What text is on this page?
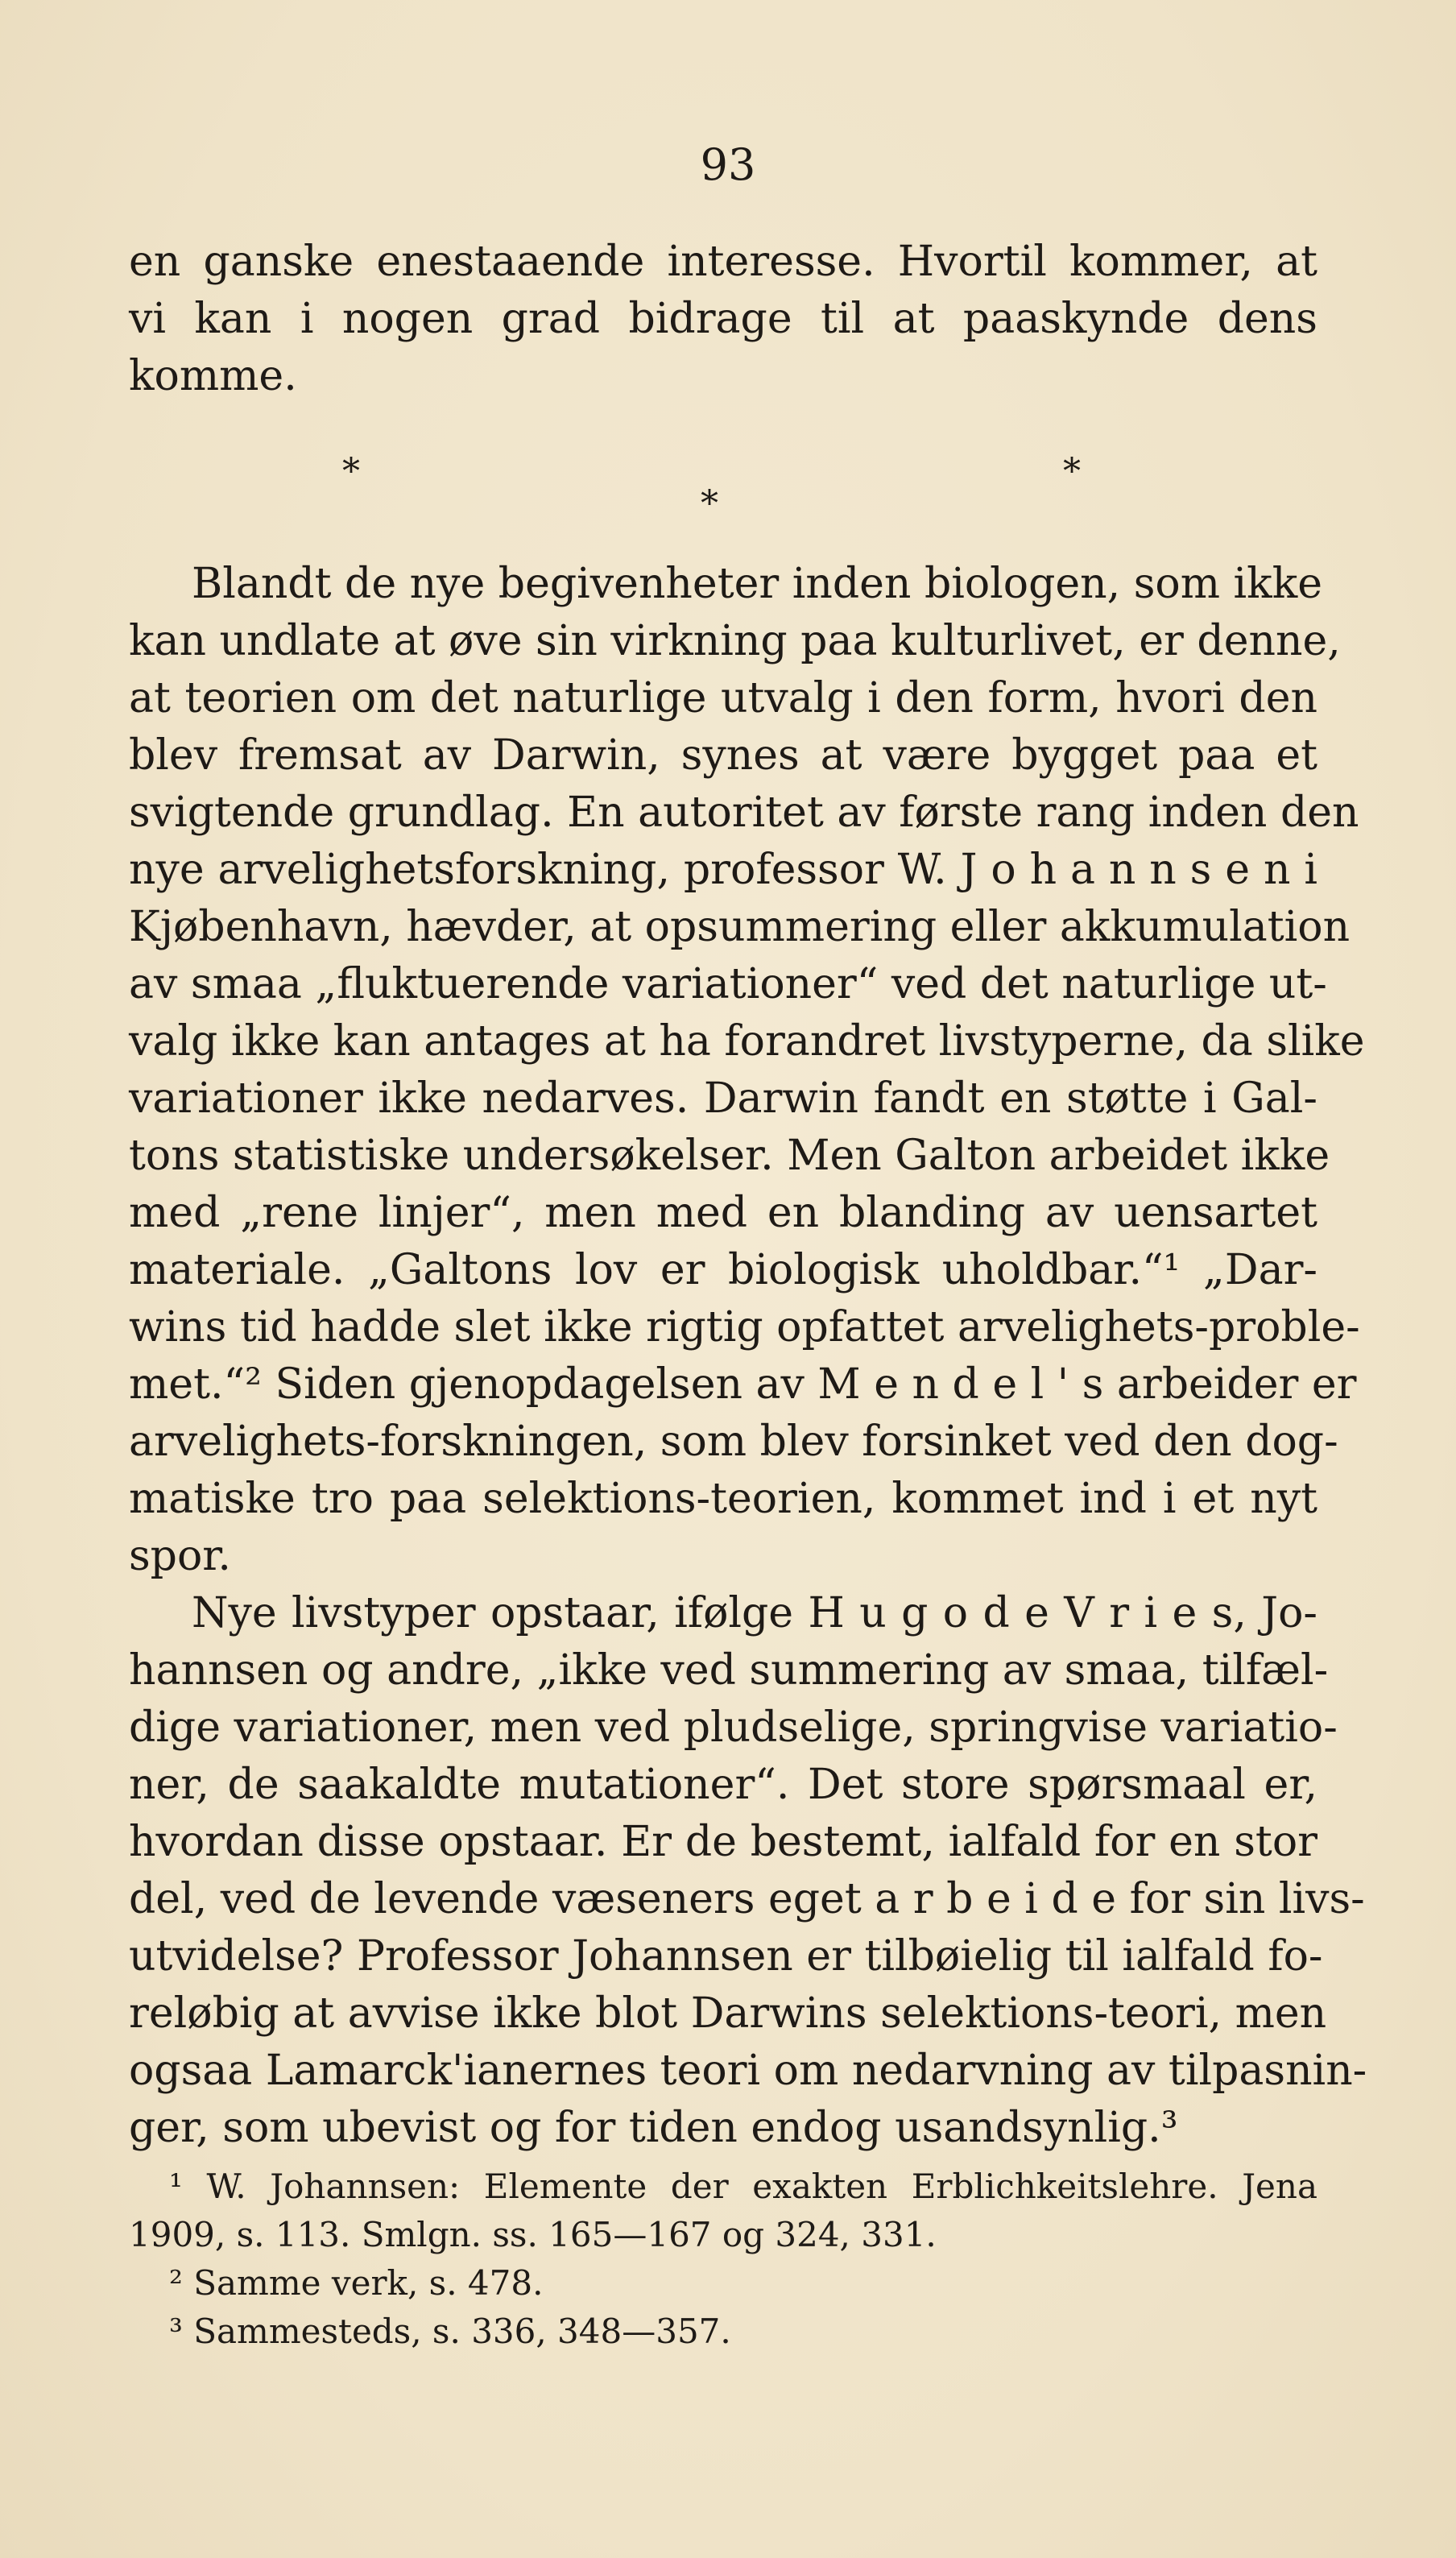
93
en ganske enestaaende interesse. Hvortil kommer, at
vi kan i nogen grad bidrage til at paaskynde dens
komme.
*
*
*
Blandt de nye begivenheter inden biologen, som ikke
kan undlate at øve sin virkning paa kulturlivet, er denne,
at teorien om det naturlige utvalg i den form, hvori den
blev fremsat av Darwin, synes at være bygget paa et
svigtende grundlag. En autoritet av første rang inden den
nye arvelighetsforskning, professor W. J o h a n n s e n i
Kjøbenhavn, hævder, at opsummering eller akkumulation
av smaa „fluktuerende variationer“ ved det naturlige ut-
valg ikke kan antages at ha forandret livstyperne, da slike
variationer ikke nedarves. Darwin fandt en støtte i Gal-
tons statistiske undersøkelser. Men Galton arbeidet ikke
med „rene linjer“, men med en blanding av uensartet
materiale. „Galtons lov er biologisk uholdbar.“¹ „Dar-
wins tid hadde slet ikke rigtig opfattet arvelighets-proble-
met.“² Siden gjenopdagelsen av M e n d e l ' s arbeider er
arvelighets-forskningen, som blev forsinket ved den dog-
matiske tro paa selektions-teorien, kommet ind i et nyt
spor.
Nye livstyper opstaar, ifølge H u g o d e V r i e s, Jo-
hannsen og andre, „ikke ved summering av smaa, tilfæl-
dige variationer, men ved pludselige, springvise variatio-
ner, de saakaldte mutationer“. Det store spørsmaal er,
hvordan disse opstaar. Er de bestemt, ialfald for en stor
del, ved de levende væseners eget a r b e i d e for sin livs-
utvidelse? Professor Johannsen er tilbøielig til ialfald fo-
reløbig at avvise ikke blot Darwins selektions-teori, men
ogsaa Lamarck'ianernes teori om nedarvning av tilpasnin-
ger, som ubevist og for tiden endog usandsynlig.³
¹ W. Johannsen: Elemente der exakten Erblichkeitslehre. Jena
1909, s. 113. Smlgn. ss. 165—167 og 324, 331.
² Samme verk, s. 478.
³ Sammesteds, s. 336, 348—357.
